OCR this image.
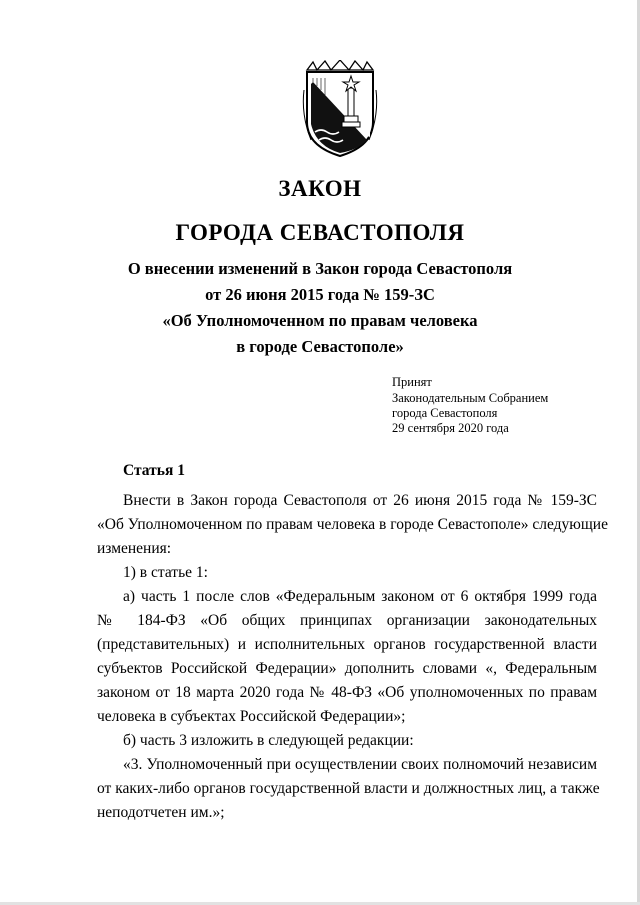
ЗАКОН
ГОРОДА СЕВАСТОПОЛЯ
О внесении изменений в Закон города Севастополя
от 26 июня 2015 года № 159-ЗС
«Об Уполномоченном по правам человека
в городе Севастополе»
Принят
Законодательным Собранием
города Севастополя
29 сентября 2020 года
Статья 1
Внести в Закон города Севастополя от 26 июня 2015 года № 159-ЗС
«Об Уполномоченном по правам человека в городе Севастополе» следующие
изменения:
1) в статье 1:
а) часть 1 после слов «Федеральным законом от 6 октября 1999 года
№ 184-ФЗ «Об общих принципах организации законодательных
(представительных) и исполнительных органов государственной власти
субъектов Российской Федерации» дополнить словами «, Федеральным
законом от 18 марта 2020 года № 48-ФЗ «Об уполномоченных по правам
человека в субъектах Российской Федерации»;
б) часть 3 изложить в следующей редакции:
«3. Уполномоченный при осуществлении своих полномочий независим
от каких-либо органов государственной власти и должностных лиц, а также
неподотчетен им.»;
